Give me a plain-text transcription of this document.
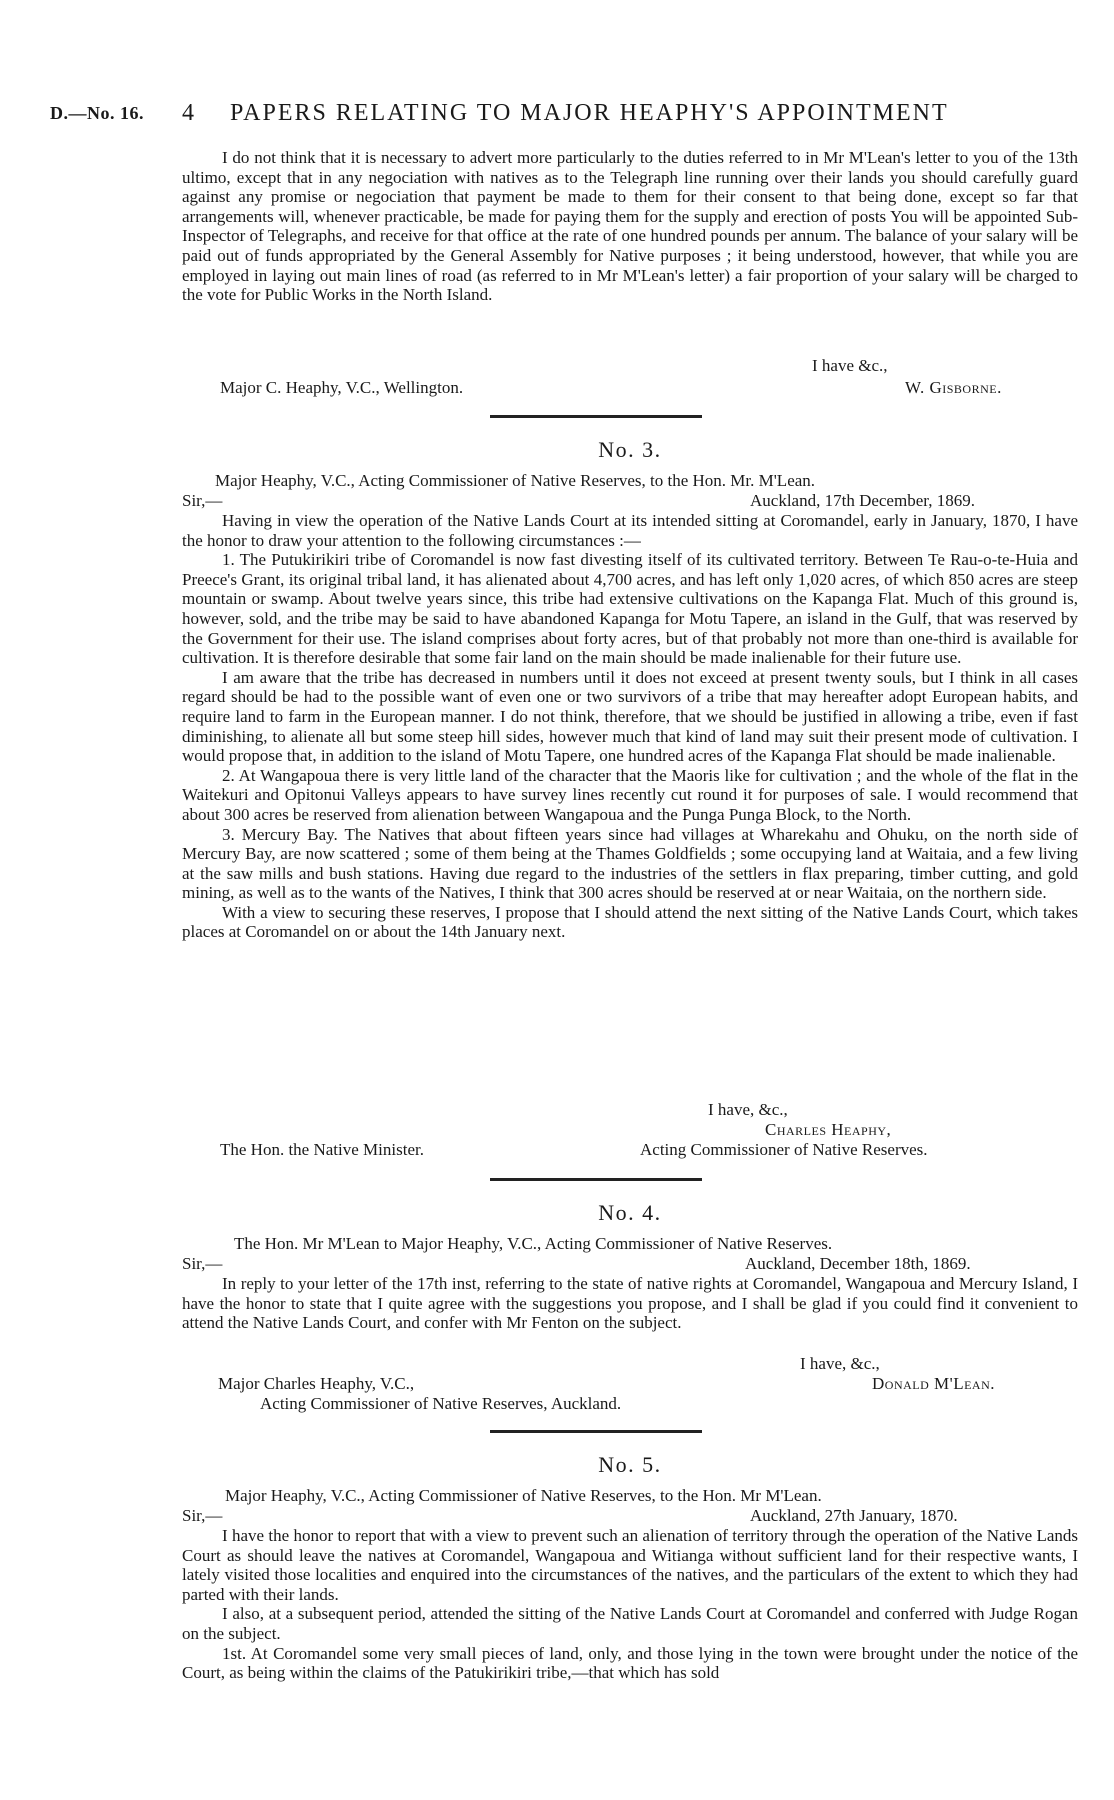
D.—No. 16. 4 PAPERS RELATING TO MAJOR HEAPHY'S APPOINTMENT

I do not think that it is necessary to advert more particularly to the duties referred to in Mr M'Lean's letter to you of the 13th ultimo, except that in any negociation with natives as to the Telegraph line running over their lands you should carefully guard against any promise or negociation that payment be made to them for their consent to that being done, except so far that arrangements will, whenever practicable, be made for paying them for the supply and erection of posts You will be appointed Sub-Inspector of Telegraphs, and receive for that office at the rate of one hundred pounds per annum. The balance of your salary will be paid out of funds appropriated by the General Assembly for Native purposes ; it being understood, however, that while you are employed in laying out main lines of road (as referred to in Mr M'Lean's letter) a fair proportion of your salary will be charged to the vote for Public Works in the North Island.

I have &c.,
Major C. Heaphy, V.C., Wellington.	W. Gisborne.
No. 3.
Major Heaphy, V.C., Acting Commissioner of Native Reserves, to the Hon. Mr. M'Lean.
Sir,—	Auckland, 17th December, 1869.

Having in view the operation of the Native Lands Court at its intended sitting at Coromandel, early in January, 1870, I have the honor to draw your attention to the following circumstances :—

1. The Putukirikiri tribe of Coromandel is now fast divesting itself of its cultivated territory. Between Te Rau-o-te-Huia and Preece's Grant, its original tribal land, it has alienated about 4,700 acres, and has left only 1,020 acres, of which 850 acres are steep mountain or swamp. About twelve years since, this tribe had extensive cultivations on the Kapanga Flat. Much of this ground is, however, sold, and the tribe may be said to have abandoned Kapanga for Motu Tapere, an island in the Gulf, that was reserved by the Government for their use. The island comprises about forty acres, but of that probably not more than one-third is available for cultivation. It is therefore desirable that some fair land on the main should be made inalienable for their future use.

I am aware that the tribe has decreased in numbers until it does not exceed at present twenty souls, but I think in all cases regard should be had to the possible want of even one or two survivors of a tribe that may hereafter adopt European habits, and require land to farm in the European manner. I do not think, therefore, that we should be justified in allowing a tribe, even if fast diminishing, to alienate all but some steep hill sides, however much that kind of land may suit their present mode of cultivation. I would propose that, in addition to the island of Motu Tapere, one hundred acres of the Kapanga Flat should be made inalienable.

2. At Wangapoua there is very little land of the character that the Maoris like for cultivation ; and the whole of the flat in the Waitekuri and Opitonui Valleys appears to have survey lines recently cut round it for purposes of sale. I would recommend that about 300 acres be reserved from alienation between Wangapoua and the Punga Punga Block, to the North.

3. Mercury Bay. The Natives that about fifteen years since had villages at Wharekahu and Ohuku, on the north side of Mercury Bay, are now scattered ; some of them being at the Thames Goldfields ; some occupying land at Waitaia, and a few living at the saw mills and bush stations. Having due regard to the industries of the settlers in flax preparing, timber cutting, and gold mining, as well as to the wants of the Natives, I think that 300 acres should be reserved at or near Waitaia, on the northern side.

With a view to securing these reserves, I propose that I should attend the next sitting of the Native Lands Court, which takes places at Coromandel on or about the 14th January next.

I have, &c.,
Charles Heaphy,
The Hon. the Native Minister.	Acting Commissioner of Native Reserves.
No. 4.
The Hon. Mr M'Lean to Major Heaphy, V.C., Acting Commissioner of Native Reserves.
Sir,—	Auckland, December 18th, 1869.

In reply to your letter of the 17th inst, referring to the state of native rights at Coromandel, Wangapoua and Mercury Island, I have the honor to state that I quite agree with the suggestions you propose, and I shall be glad if you could find it convenient to attend the Native Lands Court, and confer with Mr Fenton on the subject.

I have, &c.,
Major Charles Heaphy, V.C.,	Donald M'Lean.
Acting Commissioner of Native Reserves, Auckland.
No. 5.
Major Heaphy, V.C., Acting Commissioner of Native Reserves, to the Hon. Mr M'Lean.
Sir,—	Auckland, 27th January, 1870.

I have the honor to report that with a view to prevent such an alienation of territory through the operation of the Native Lands Court as should leave the natives at Coromandel, Wangapoua and Witianga without sufficient land for their respective wants, I lately visited those localities and enquired into the circumstances of the natives, and the particulars of the extent to which they had parted with their lands.

I also, at a subsequent period, attended the sitting of the Native Lands Court at Coromandel and conferred with Judge Rogan on the subject.

1st. At Coromandel some very small pieces of land, only, and those lying in the town were brought under the notice of the Court, as being within the claims of the Patukirikiri tribe,—that which has sold
